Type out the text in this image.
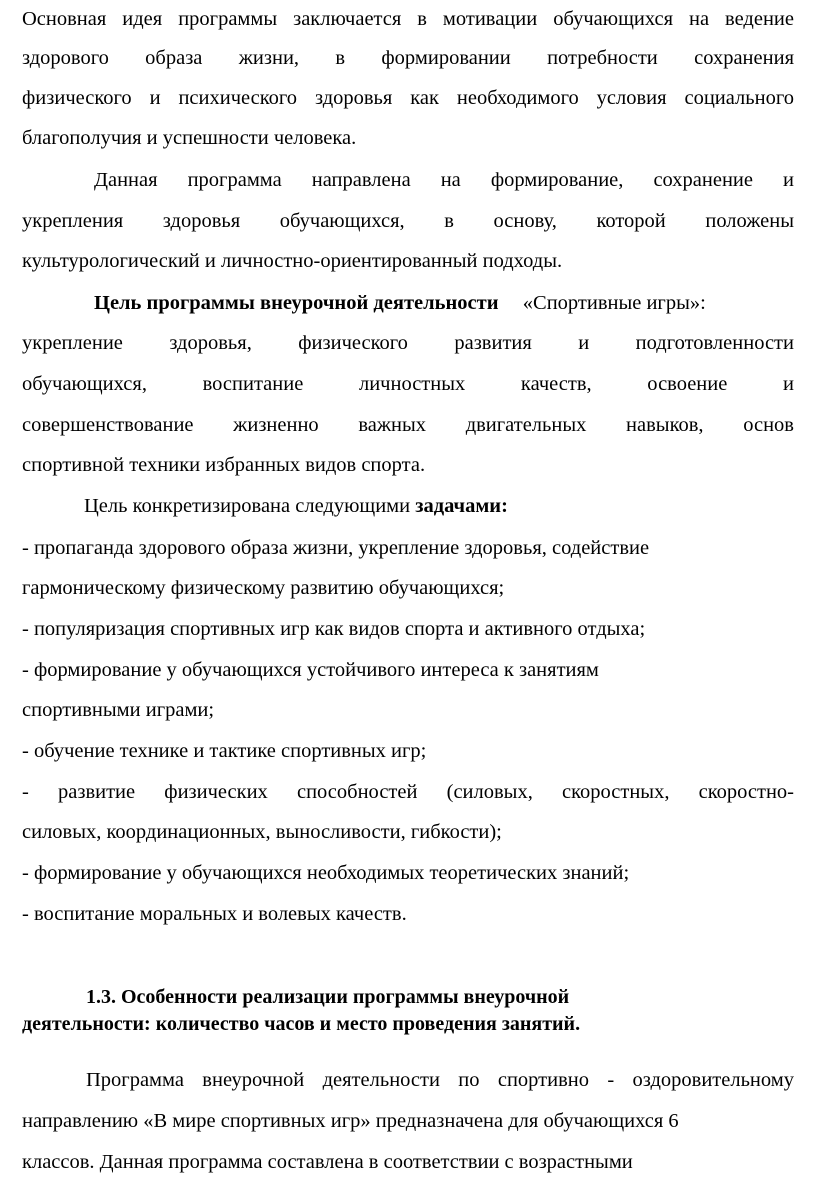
Основная идея программы заключается в мотивации обучающихся на ведение
здорового образа жизни, в формировании потребности сохранения
физического и психического здоровья как необходимого условия социального
благополучия и успешности человека.
Данная программа направлена на формирование, сохранение и
укрепления здоровья обучающихся, в основу, которой положены
культурологический и личностно-ориентированный подходы.
Цель программы внеурочной деятельности «Спортивные игры»:
укрепление здоровья, физического развития и подготовленности
обучающихся, воспитание личностных качеств, освоение и
совершенствование жизненно важных двигательных навыков, основ
спортивной техники избранных видов спорта.
Цель конкретизирована следующими задачами:
- пропаганда здорового образа жизни, укрепление здоровья, содействие
гармоническому физическому развитию обучающихся;
- популяризация спортивных игр как видов спорта и активного отдыха;
- формирование у обучающихся устойчивого интереса к занятиям
спортивными играми;
- обучение технике и тактике спортивных игр;
- развитие физических способностей (силовых, скоростных, скоростно-
силовых, координационных, выносливости, гибкости);
- формирование у обучающихся необходимых теоретических знаний;
- воспитание моральных и волевых качеств.
1.3. Особенности реализации программы внеурочной
деятельности: количество часов и место проведения занятий.
Программа внеурочной деятельности по спортивно - оздоровительному
направлению «В мире спортивных игр» предназначена для обучающихся 6
классов. Данная программа составлена в соответствии с возрастными
